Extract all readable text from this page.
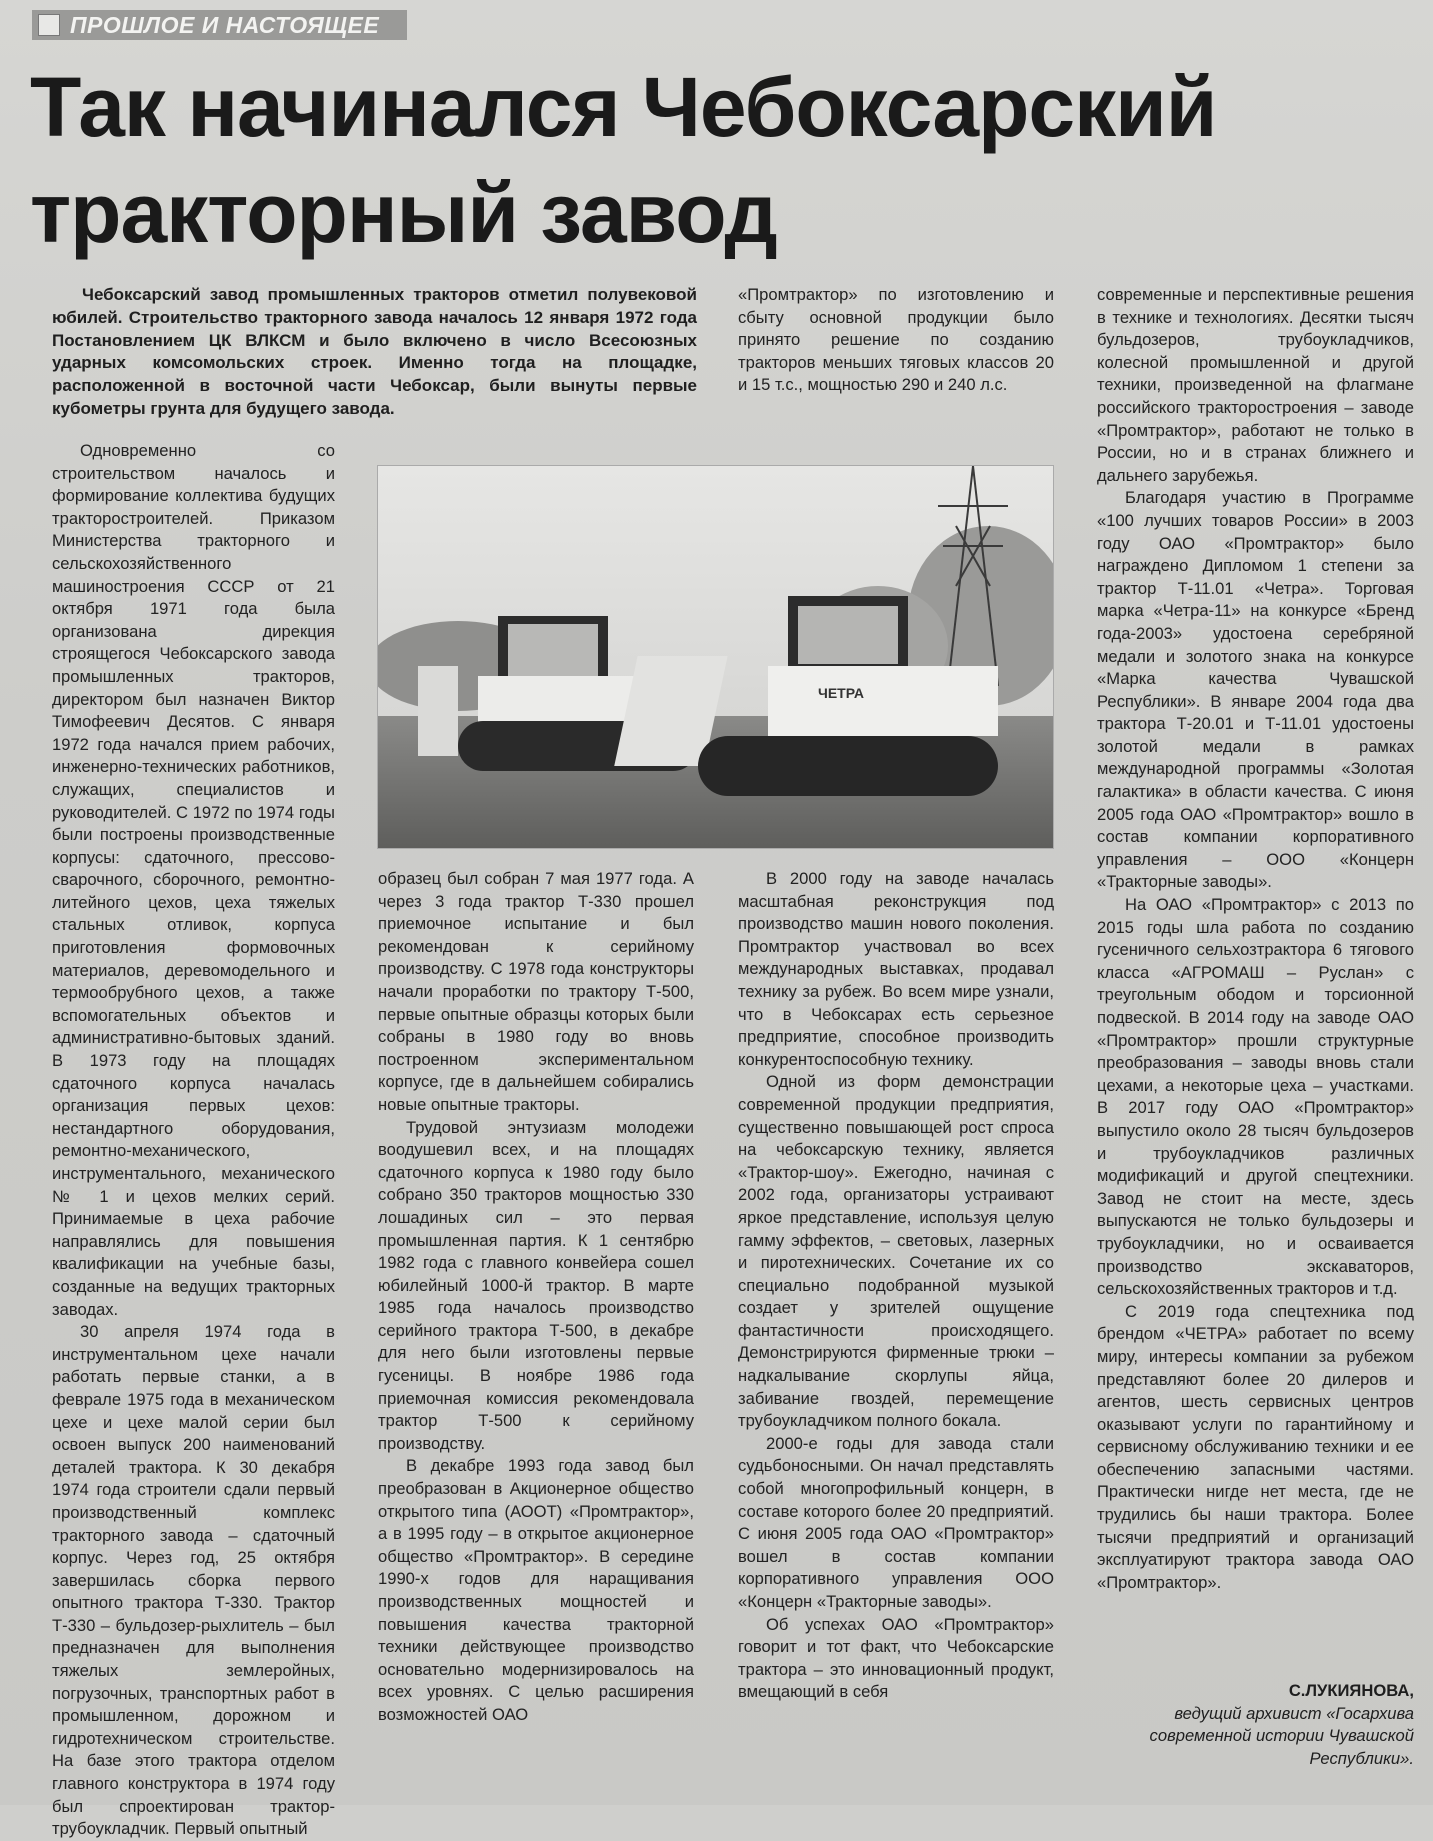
ПРОШЛОЕ И НАСТОЯЩЕЕ
Так начинался Чебоксарский
тракторный завод

Чебоксарский завод промышленных тракторов отметил полувековой юбилей. Строительство тракторного завода началось 12 января 1972 года Постановлением ЦК ВЛКСМ и было включено в число Всесоюзных ударных комсомольских строек. Именно тогда на площадке, расположенной в восточной части Чебоксар, были вынуты первые кубометры грунта для будущего завода.

Одновременно со строительством началось и формирование коллектива будущих тракторостроителей. Приказом Министерства тракторного и сельскохозяйственного машиностроения СССР от 21 октября 1971 года была организована дирекция строящегося Чебоксарского завода промышленных тракторов, директором был назначен Виктор Тимофеевич Десятов. С января 1972 года начался прием рабочих, инженерно-технических работников, служащих, специалистов и руководителей. С 1972 по 1974 годы были построены производственные корпусы: сдаточного, прессово-сварочного, сборочного, ремонтно-литейного цехов, цеха тяжелых стальных отливок, корпуса приготовления формовочных материалов, деревомодельного и термообрубного цехов, а также вспомогательных объектов и административно-бытовых зданий. В 1973 году на площадях сдаточного корпуса началась организация первых цехов: нестандартного оборудования, ремонтно-механического, инструментального, механического № 1 и цехов мелких серий. Принимаемые в цеха рабочие направлялись для повышения квалификации на учебные базы, созданные на ведущих тракторных заводах.

30 апреля 1974 года в инструментальном цехе начали работать первые станки, а в феврале 1975 года в механическом цехе и цехе малой серии был освоен выпуск 200 наименований деталей трактора. К 30 декабря 1974 года строители сдали первый производственный комплекс тракторного завода – сдаточный корпус. Через год, 25 октября завершилась сборка первого опытного трактора Т-330. Трактор Т-330 – бульдозер-рыхлитель – был предназначен для выполнения тяжелых землеройных, погрузочных, транспортных работ в промышленном, дорожном и гидротехническом строительстве. На базе этого трактора отделом главного конструктора в 1974 году был спроектирован трактор-трубоукладчик. Первый опытный

«Промтрактор» по изготовлению и сбыту основной продукции было принято решение по созданию тракторов меньших тяговых классов 20 и 15 т.с., мощностью 290 и 240 л.с.

ЧЕТРА

образец был собран 7 мая 1977 года. А через 3 года трактор Т-330 прошел приемочное испытание и был рекомендован к серийному производству. С 1978 года конструкторы начали проработки по трактору Т-500, первые опытные образцы которых были собраны в 1980 году во вновь построенном экспериментальном корпусе, где в дальнейшем собирались новые опытные тракторы.

Трудовой энтузиазм молодежи воодушевил всех, и на площадях сдаточного корпуса к 1980 году было собрано 350 тракторов мощностью 330 лошадиных сил – это первая промышленная партия. К 1 сентябрю 1982 года с главного конвейера сошел юбилейный 1000-й трактор. В марте 1985 года началось производство серийного трактора Т-500, в декабре для него были изготовлены первые гусеницы. В ноябре 1986 года приемочная комиссия рекомендовала трактор Т-500 к серийному производству.

В декабре 1993 года завод был преобразован в Акционерное общество открытого типа (АООТ) «Промтрактор», а в 1995 году – в открытое акционерное общество «Промтрактор». В середине 1990-х годов для наращивания производственных мощностей и повышения качества тракторной техники действующее производство основательно модернизировалось на всех уровнях. С целью расширения возможностей ОАО

В 2000 году на заводе началась масштабная реконструкция под производство машин нового поколения. Промтрактор участвовал во всех международных выставках, продавал технику за рубеж. Во всем мире узнали, что в Чебоксарах есть серьезное предприятие, способное производить конкурентоспособную технику.

Одной из форм демонстрации современной продукции предприятия, существенно повышающей рост спроса на чебоксарскую технику, является «Трактор-шоу». Ежегодно, начиная с 2002 года, организаторы устраивают яркое представление, используя целую гамму эффектов, – световых, лазерных и пиротехнических. Сочетание их со специально подобранной музыкой создает у зрителей ощущение фантастичности происходящего. Демонстрируются фирменные трюки – надкалывание скорлупы яйца, забивание гвоздей, перемещение трубоукладчиком полного бокала.

2000-е годы для завода стали судьбоносными. Он начал представлять собой многопрофильный концерн, в составе которого более 20 предприятий. С июня 2005 года ОАО «Промтрактор» вошел в состав компании корпоративного управления ООО «Концерн «Тракторные заводы».

Об успехах ОАО «Промтрактор» говорит и тот факт, что Чебоксарские трактора – это инновационный продукт, вмещающий в себя

современные и перспективные решения в технике и технологиях. Десятки тысяч бульдозеров, трубоукладчиков, колесной промышленной и другой техники, произведенной на флагмане российского тракторостроения – заводе «Промтрактор», работают не только в России, но и в странах ближнего и дальнего зарубежья.

Благодаря участию в Программе «100 лучших товаров России» в 2003 году ОАО «Промтрактор» было награждено Дипломом 1 степени за трактор Т-11.01 «Четра». Торговая марка «Четра-11» на конкурсе «Бренд года-2003» удостоена серебряной медали и золотого знака на конкурсе «Марка качества Чувашской Республики». В январе 2004 года два трактора Т-20.01 и Т-11.01 удостоены золотой медали в рамках международной программы «Золотая галактика» в области качества. С июня 2005 года ОАО «Промтрактор» вошло в состав компании корпоративного управления – ООО «Концерн «Тракторные заводы».

На ОАО «Промтрактор» с 2013 по 2015 годы шла работа по созданию гусеничного сельхозтрактора 6 тягового класса «АГРОМАШ – Руслан» с треугольным ободом и торсионной подвеской. В 2014 году на заводе ОАО «Промтрактор» прошли структурные преобразования – заводы вновь стали цехами, а некоторые цеха – участками. В 2017 году ОАО «Промтрактор» выпустило около 28 тысяч бульдозеров и трубоукладчиков различных модификаций и другой спецтехники. Завод не стоит на месте, здесь выпускаются не только бульдозеры и трубоукладчики, но и осваивается производство экскаваторов, сельскохозяйственных тракторов и т.д.

С 2019 года спецтехника под брендом «ЧЕТРА» работает по всему миру, интересы компании за рубежом представляют более 20 дилеров и агентов, шесть сервисных центров оказывают услуги по гарантийному и сервисному обслуживанию техники и ее обеспечению запасными частями. Практически нигде нет места, где не трудились бы наши трактора. Более тысячи предприятий и организаций эксплуатируют трактора завода ОАО «Промтрактор».

С.ЛУКИЯНОВА,
ведущий архивист «Госархива современной истории Чувашской Республики».
